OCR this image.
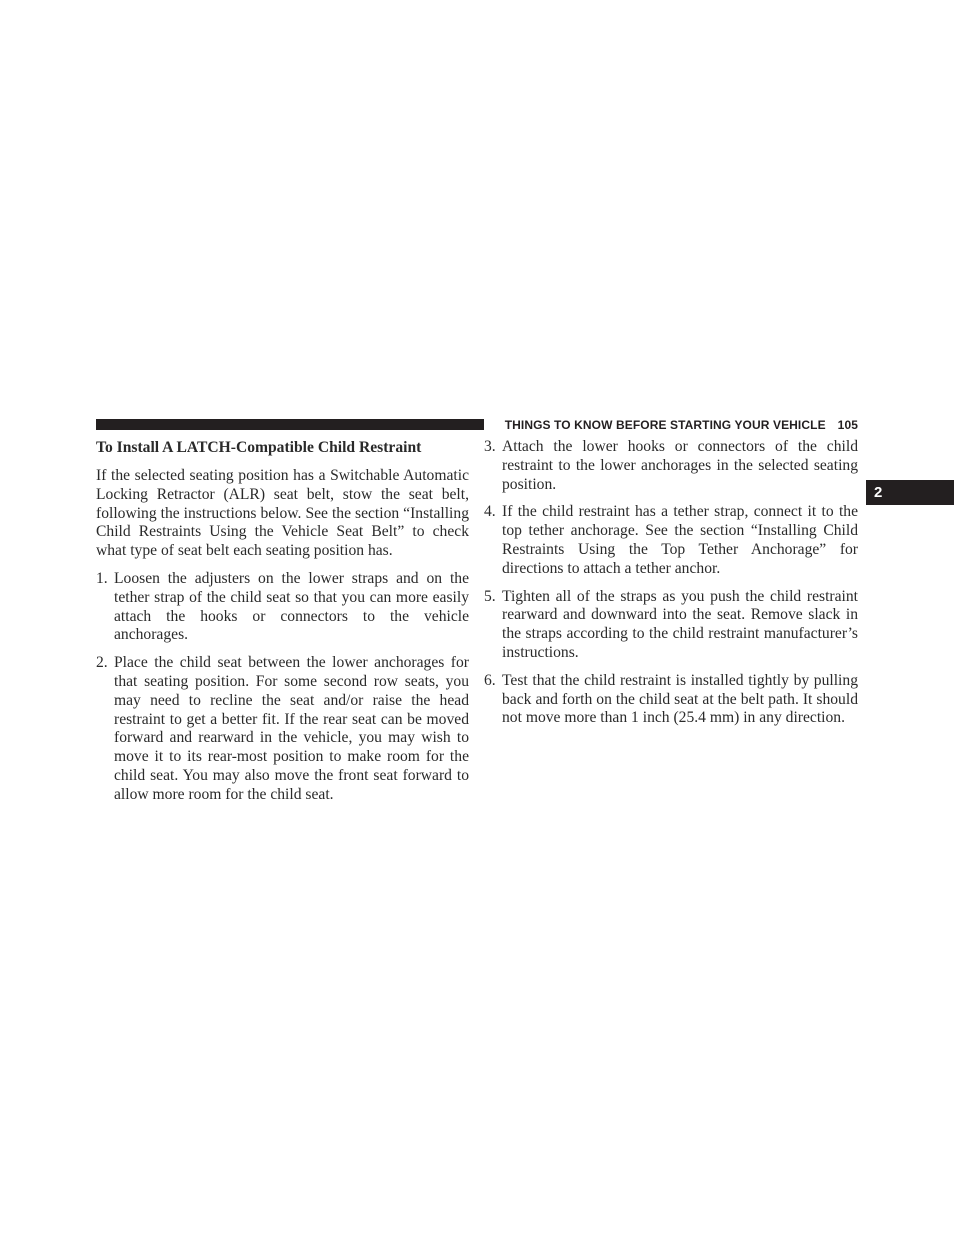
THINGS TO KNOW BEFORE STARTING YOUR VEHICLE 105
2
To Install A LATCH-Compatible Child Restraint
If the selected seating position has a Switchable Automatic Locking Retractor (ALR) seat belt, stow the seat belt, following the instructions below. See the section “Installing Child Restraints Using the Vehicle Seat Belt” to check what type of seat belt each seating position has.
1. Loosen the adjusters on the lower straps and on the tether strap of the child seat so that you can more easily attach the hooks or connectors to the vehicle anchorages.
2. Place the child seat between the lower anchorages for that seating position. For some second row seats, you may need to recline the seat and/or raise the head restraint to get a better fit. If the rear seat can be moved forward and rearward in the vehicle, you may wish to move it to its rear-most position to make room for the child seat. You may also move the front seat forward to allow more room for the child seat.
3. Attach the lower hooks or connectors of the child restraint to the lower anchorages in the selected seating position.
4. If the child restraint has a tether strap, connect it to the top tether anchorage. See the section “Installing Child Restraints Using the Top Tether Anchorage” for directions to attach a tether anchor.
5. Tighten all of the straps as you push the child restraint rearward and downward into the seat. Remove slack in the straps according to the child restraint manufacturer’s instructions.
6. Test that the child restraint is installed tightly by pulling back and forth on the child seat at the belt path. It should not move more than 1 inch (25.4 mm) in any direction.
